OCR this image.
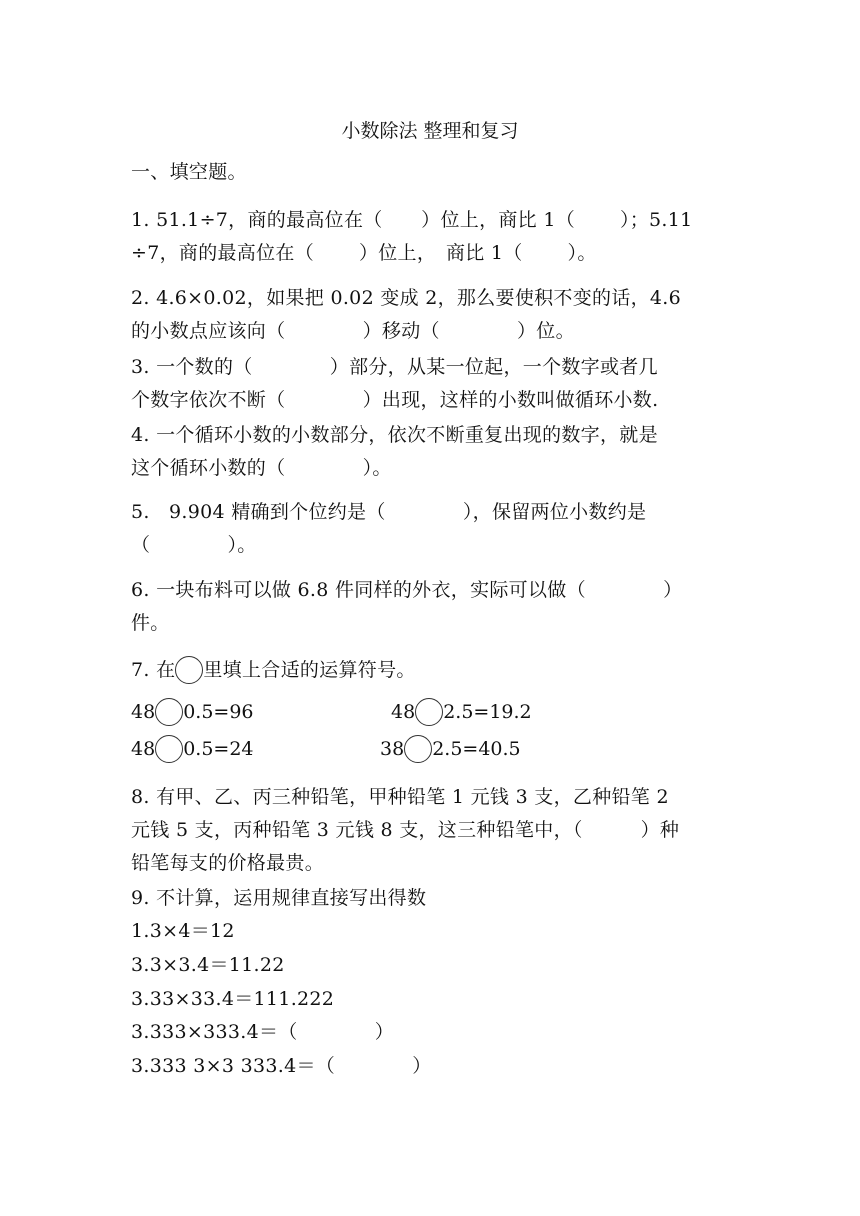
小数除法 整理和复习
一、填空题。
1. 51.1÷7，商的最高位在（　　）位上，商比 1（　　 ）；5.11
÷7，商的最高位在（　　 ）位上，　商比 1（　　 ）。
2. 4.6×0.02，如果把 0.02 变成 2，那么要使积不变的话，4.6
的小数点应该向（　　　　）移动（　　　　）位。
3. 一个数的（　　　　）部分，从某一位起，一个数字或者几
个数字依次不断（　　　　）出现，这样的小数叫做循环小数.
4. 一个循环小数的小数部分，依次不断重复出现的数字，就是
这个循环小数的（　　　　）。
5.　9.904 精确到个位约是（　　　　），保留两位小数约是
（　　　　）。
6. 一块布料可以做 6.8 件同样的外衣，实际可以做（　　　　）
件。
7. 在 里填上合适的运算符号。
48 0.5=96	48 2.5=19.2
48 0.5=24	38 2.5=40.5
8. 有甲、乙、丙三种铅笔，甲种铅笔 1 元钱 3 支，乙种铅笔 2
元钱 5 支，丙种铅笔 3 元钱 8 支，这三种铅笔中，（　　　）种
铅笔每支的价格最贵。
9. 不计算，运用规律直接写出得数
1.3×4＝12
3.3×3.4＝11.22
3.33×33.4＝111.222
3.333×333.4＝（　　　　）
3.333 3×3 333.4＝（　　　　）
